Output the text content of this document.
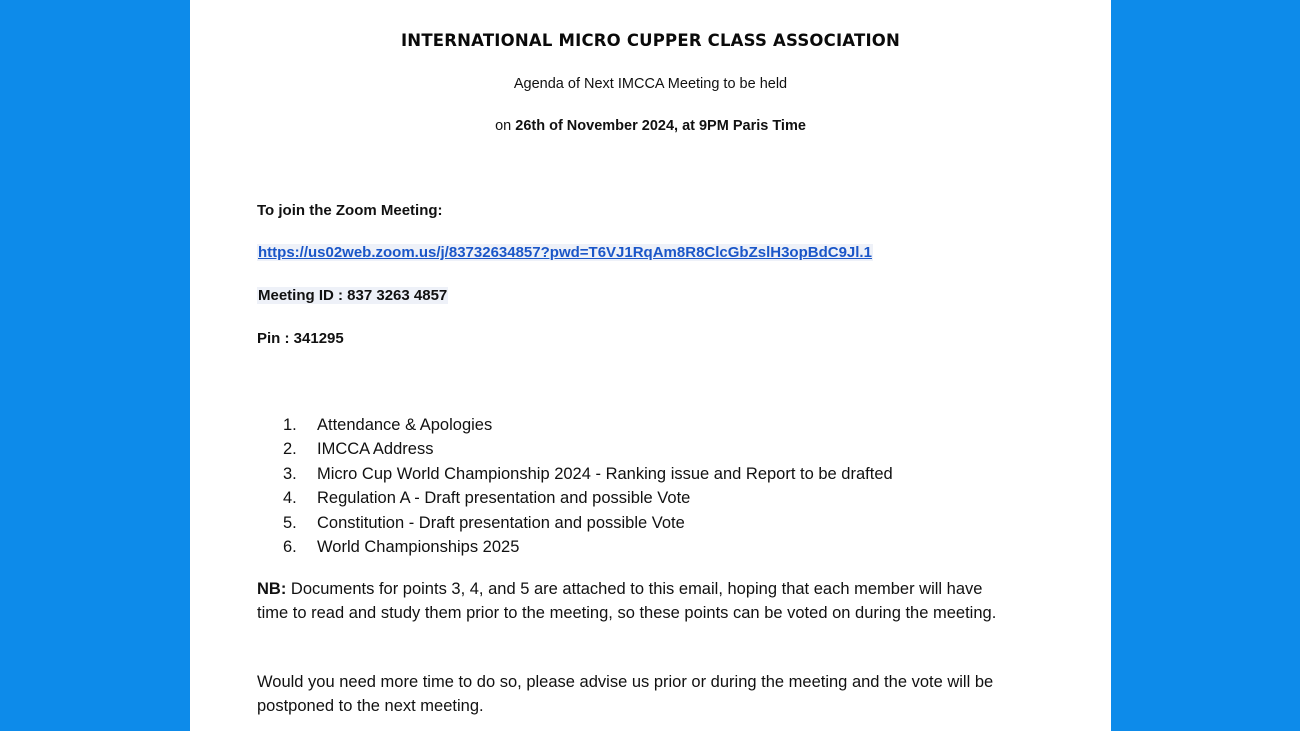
INTERNATIONAL MICRO CUPPER CLASS ASSOCIATION
Agenda of Next IMCCA Meeting to be held
on 26th of November 2024, at 9PM Paris Time
To join the Zoom Meeting:
https://us02web.zoom.us/j/83732634857?pwd=T6VJ1RqAm8R8ClcGbZslH3opBdC9Jl.1
Meeting ID : 837 3263 4857
Pin : 341295
1. Attendance & Apologies
2. IMCCA Address
3. Micro Cup World Championship 2024 - Ranking issue and Report to be drafted
4. Regulation A - Draft presentation and possible Vote
5. Constitution - Draft presentation and possible Vote
6. World Championships 2025

NB: Documents for points 3, 4, and 5 are attached to this email, hoping that each member will have time to read and study them prior to the meeting, so these points can be voted on during the meeting.

Would you need more time to do so, please advise us prior or during the meeting and the vote will be postponed to the next meeting.
